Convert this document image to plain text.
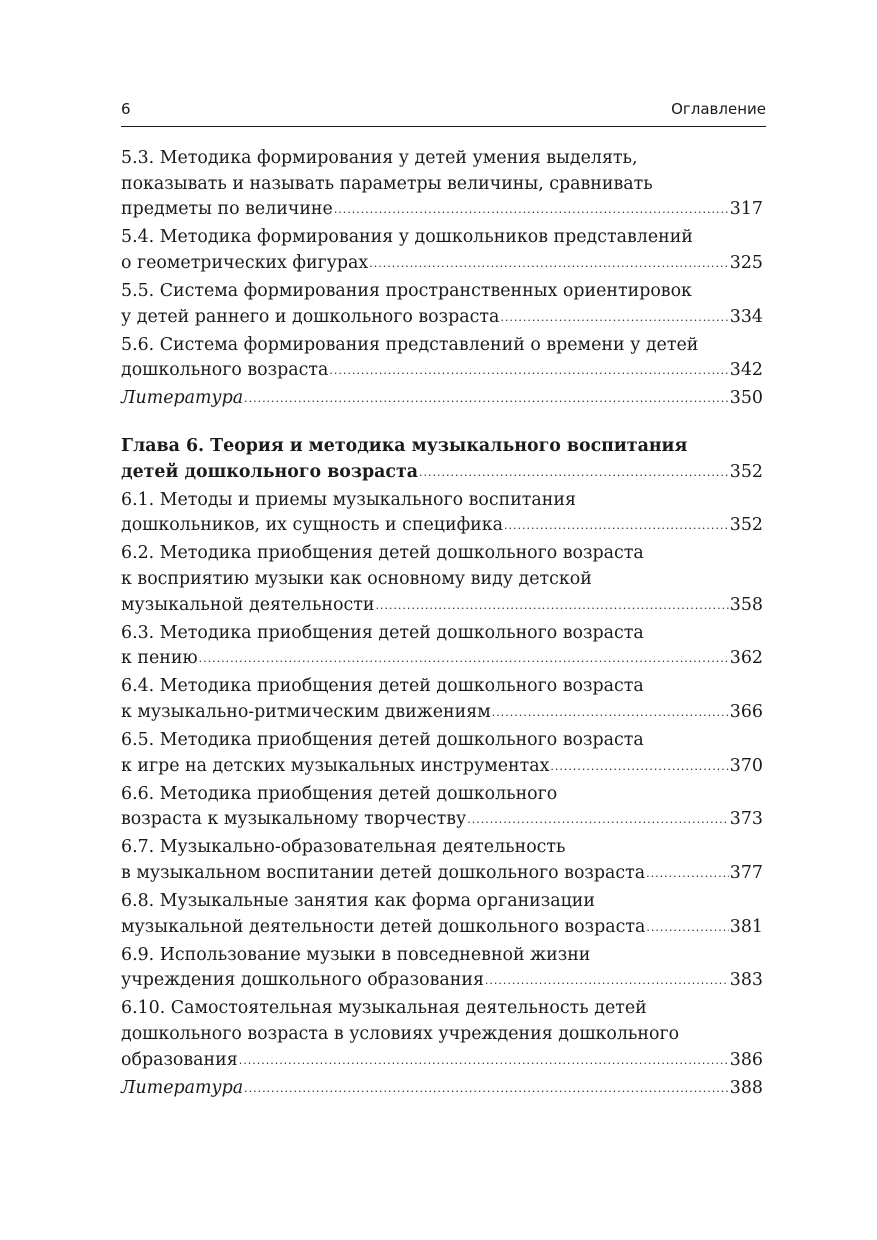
6	Оглавление
5.3. Методика формирования у детей умения выделять,
показывать и называть параметры величины, сравнивать
предметы по величине .....	317
5.4. Методика формирования у дошкольников представлений
о геометрических фигурах .....	325
5.5. Система формирования пространственных ориентировок
у детей раннего и дошкольного возраста .....	334
5.6. Система формирования представлений о времени у детей
дошкольного возраста .....	342
Литература .....	350
Глава 6. Теория и методика музыкального воспитания
детей дошкольного возраста .....	352
6.1. Методы и приемы музыкального воспитания
дошкольников, их сущность и специфика .....	352
6.2. Методика приобщения детей дошкольного возраста
к восприятию музыки как основному виду детской
музыкальной деятельности .....	358
6.3. Методика приобщения детей дошкольного возраста
к пению .....	362
6.4. Методика приобщения детей дошкольного возраста
к музыкально-ритмическим движениям .....	366
6.5. Методика приобщения детей дошкольного возраста
к игре на детских музыкальных инструментах .....	370
6.6. Методика приобщения детей дошкольного
возраста к музыкальному творчеству .....	373
6.7. Музыкально-образовательная деятельность
в музыкальном воспитании детей дошкольного возраста .....	377
6.8. Музыкальные занятия как форма организации
музыкальной деятельности детей дошкольного возраста .....	381
6.9. Использование музыки в повседневной жизни
учреждения дошкольного образования .....	383
6.10. Самостоятельная музыкальная деятельность детей
дошкольного возраста в условиях учреждения дошкольного
образования .....	386
Литература .....	388
